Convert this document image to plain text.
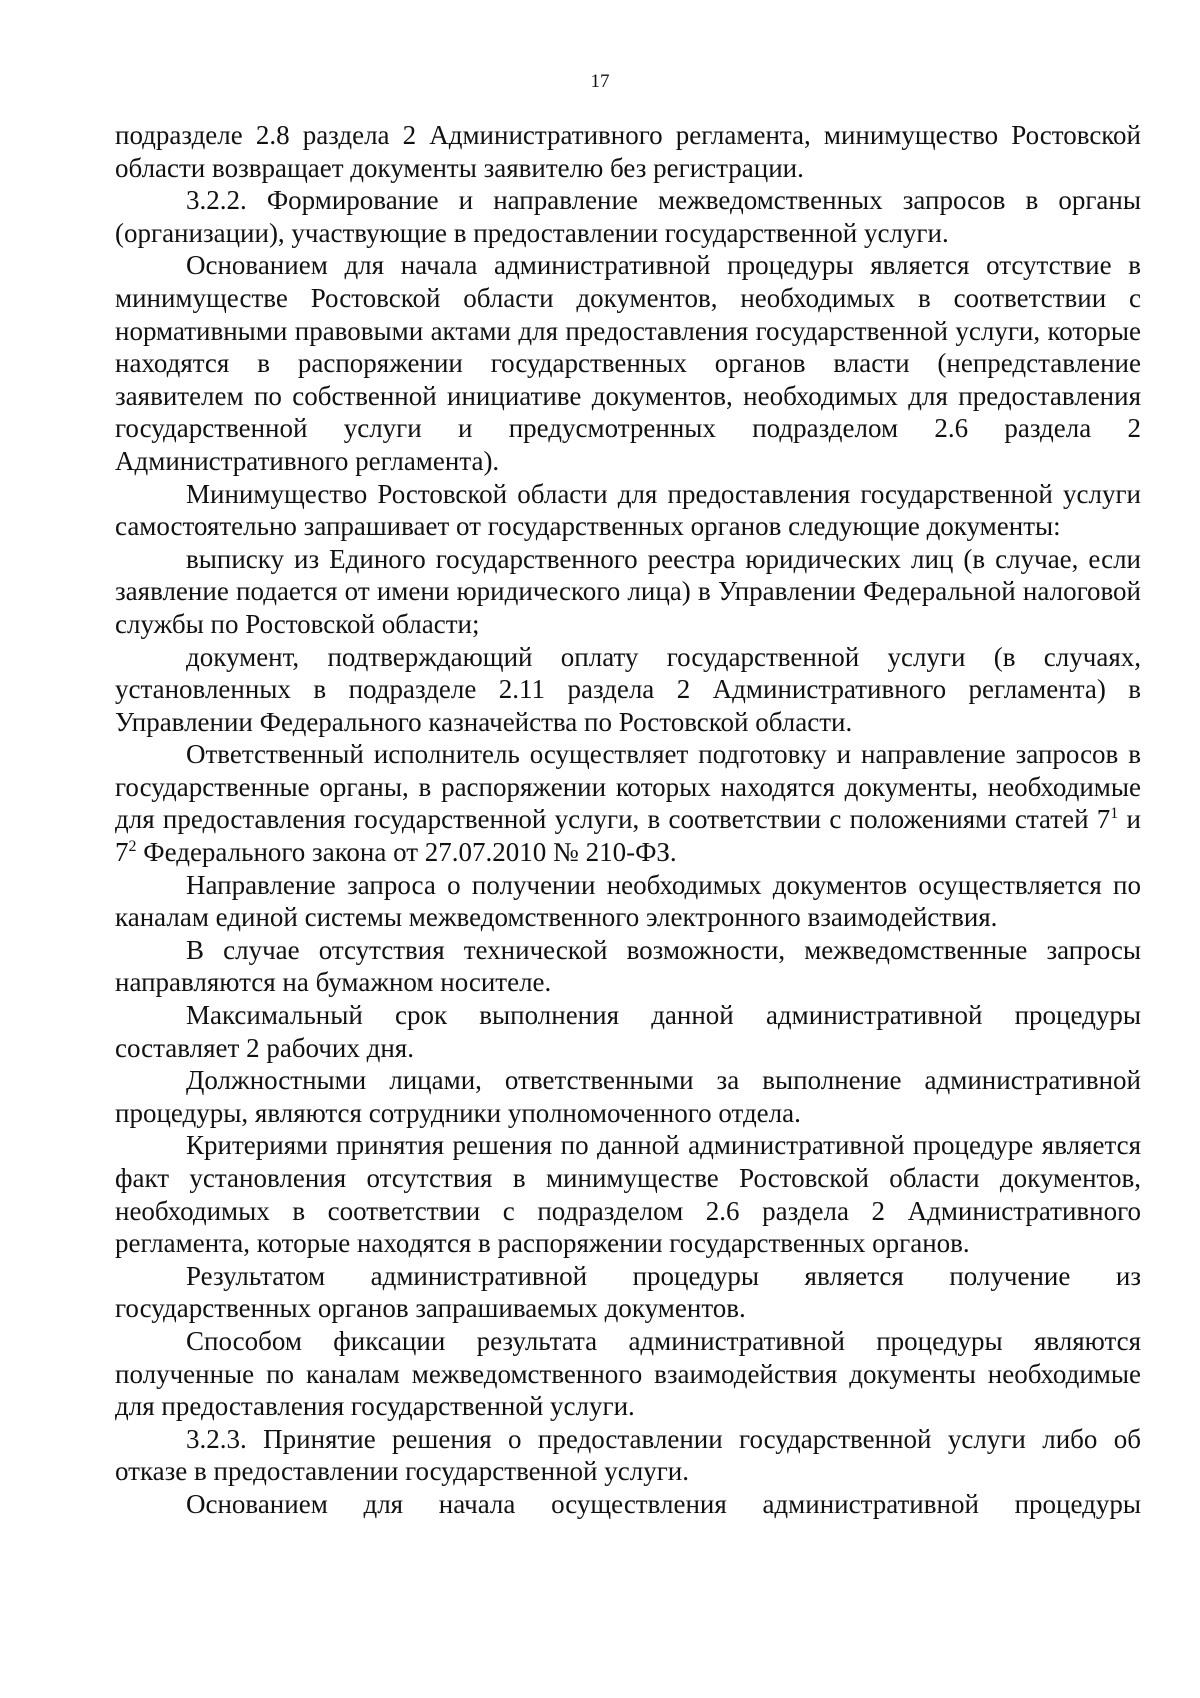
17

подразделе 2.8 раздела 2 Административного регламента, минимущество Ростовской области возвращает документы заявителю без регистрации.

3.2.2. Формирование и направление межведомственных запросов в органы (организации), участвующие в предоставлении государственной услуги.

Основанием для начала административной процедуры является отсутствие в минимуществе Ростовской области документов, необходимых в соответствии с нормативными правовыми актами для предоставления государственной услуги, которые находятся в распоряжении государственных органов власти (непредставление заявителем по собственной инициативе документов, необходимых для предоставления государственной услуги и предусмотренных подразделом 2.6 раздела 2 Административного регламента).

Минимущество Ростовской области для предоставления государственной услуги самостоятельно запрашивает от государственных органов следующие документы:

выписку из Единого государственного реестра юридических лиц (в случае, если заявление подается от имени юридического лица) в Управлении Федеральной налоговой службы по Ростовской области;

документ, подтверждающий оплату государственной услуги (в случаях, установленных в подразделе 2.11 раздела 2 Административного регламента) в Управлении Федерального казначейства по Ростовской области.

Ответственный исполнитель осуществляет подготовку и направление запросов в государственные органы, в распоряжении которых находятся документы, необходимые для предоставления государственной услуги, в соответствии с положениями статей $7^1$ и $7^2$ Федерального закона от 27.07.2010 № 210-ФЗ.

Направление запроса о получении необходимых документов осуществляется по каналам единой системы межведомственного электронного взаимодействия.

В случае отсутствия технической возможности, межведомственные запросы направляются на бумажном носителе.

Максимальный срок выполнения данной административной процедуры составляет 2 рабочих дня.

Должностными лицами, ответственными за выполнение административной процедуры, являются сотрудники уполномоченного отдела.

Критериями принятия решения по данной административной процедуре является факт установления отсутствия в минимуществе Ростовской области документов, необходимых в соответствии с подразделом 2.6 раздела 2 Административного регламента, которые находятся в распоряжении государственных органов.

Результатом административной процедуры является получение из государственных органов запрашиваемых документов.

Способом фиксации результата административной процедуры являются полученные по каналам межведомственного взаимодействия документы необходимые для предоставления государственной услуги.

3.2.3. Принятие решения о предоставлении государственной услуги либо об отказе в предоставлении государственной услуги.

Основанием для начала осуществления административной процедуры
